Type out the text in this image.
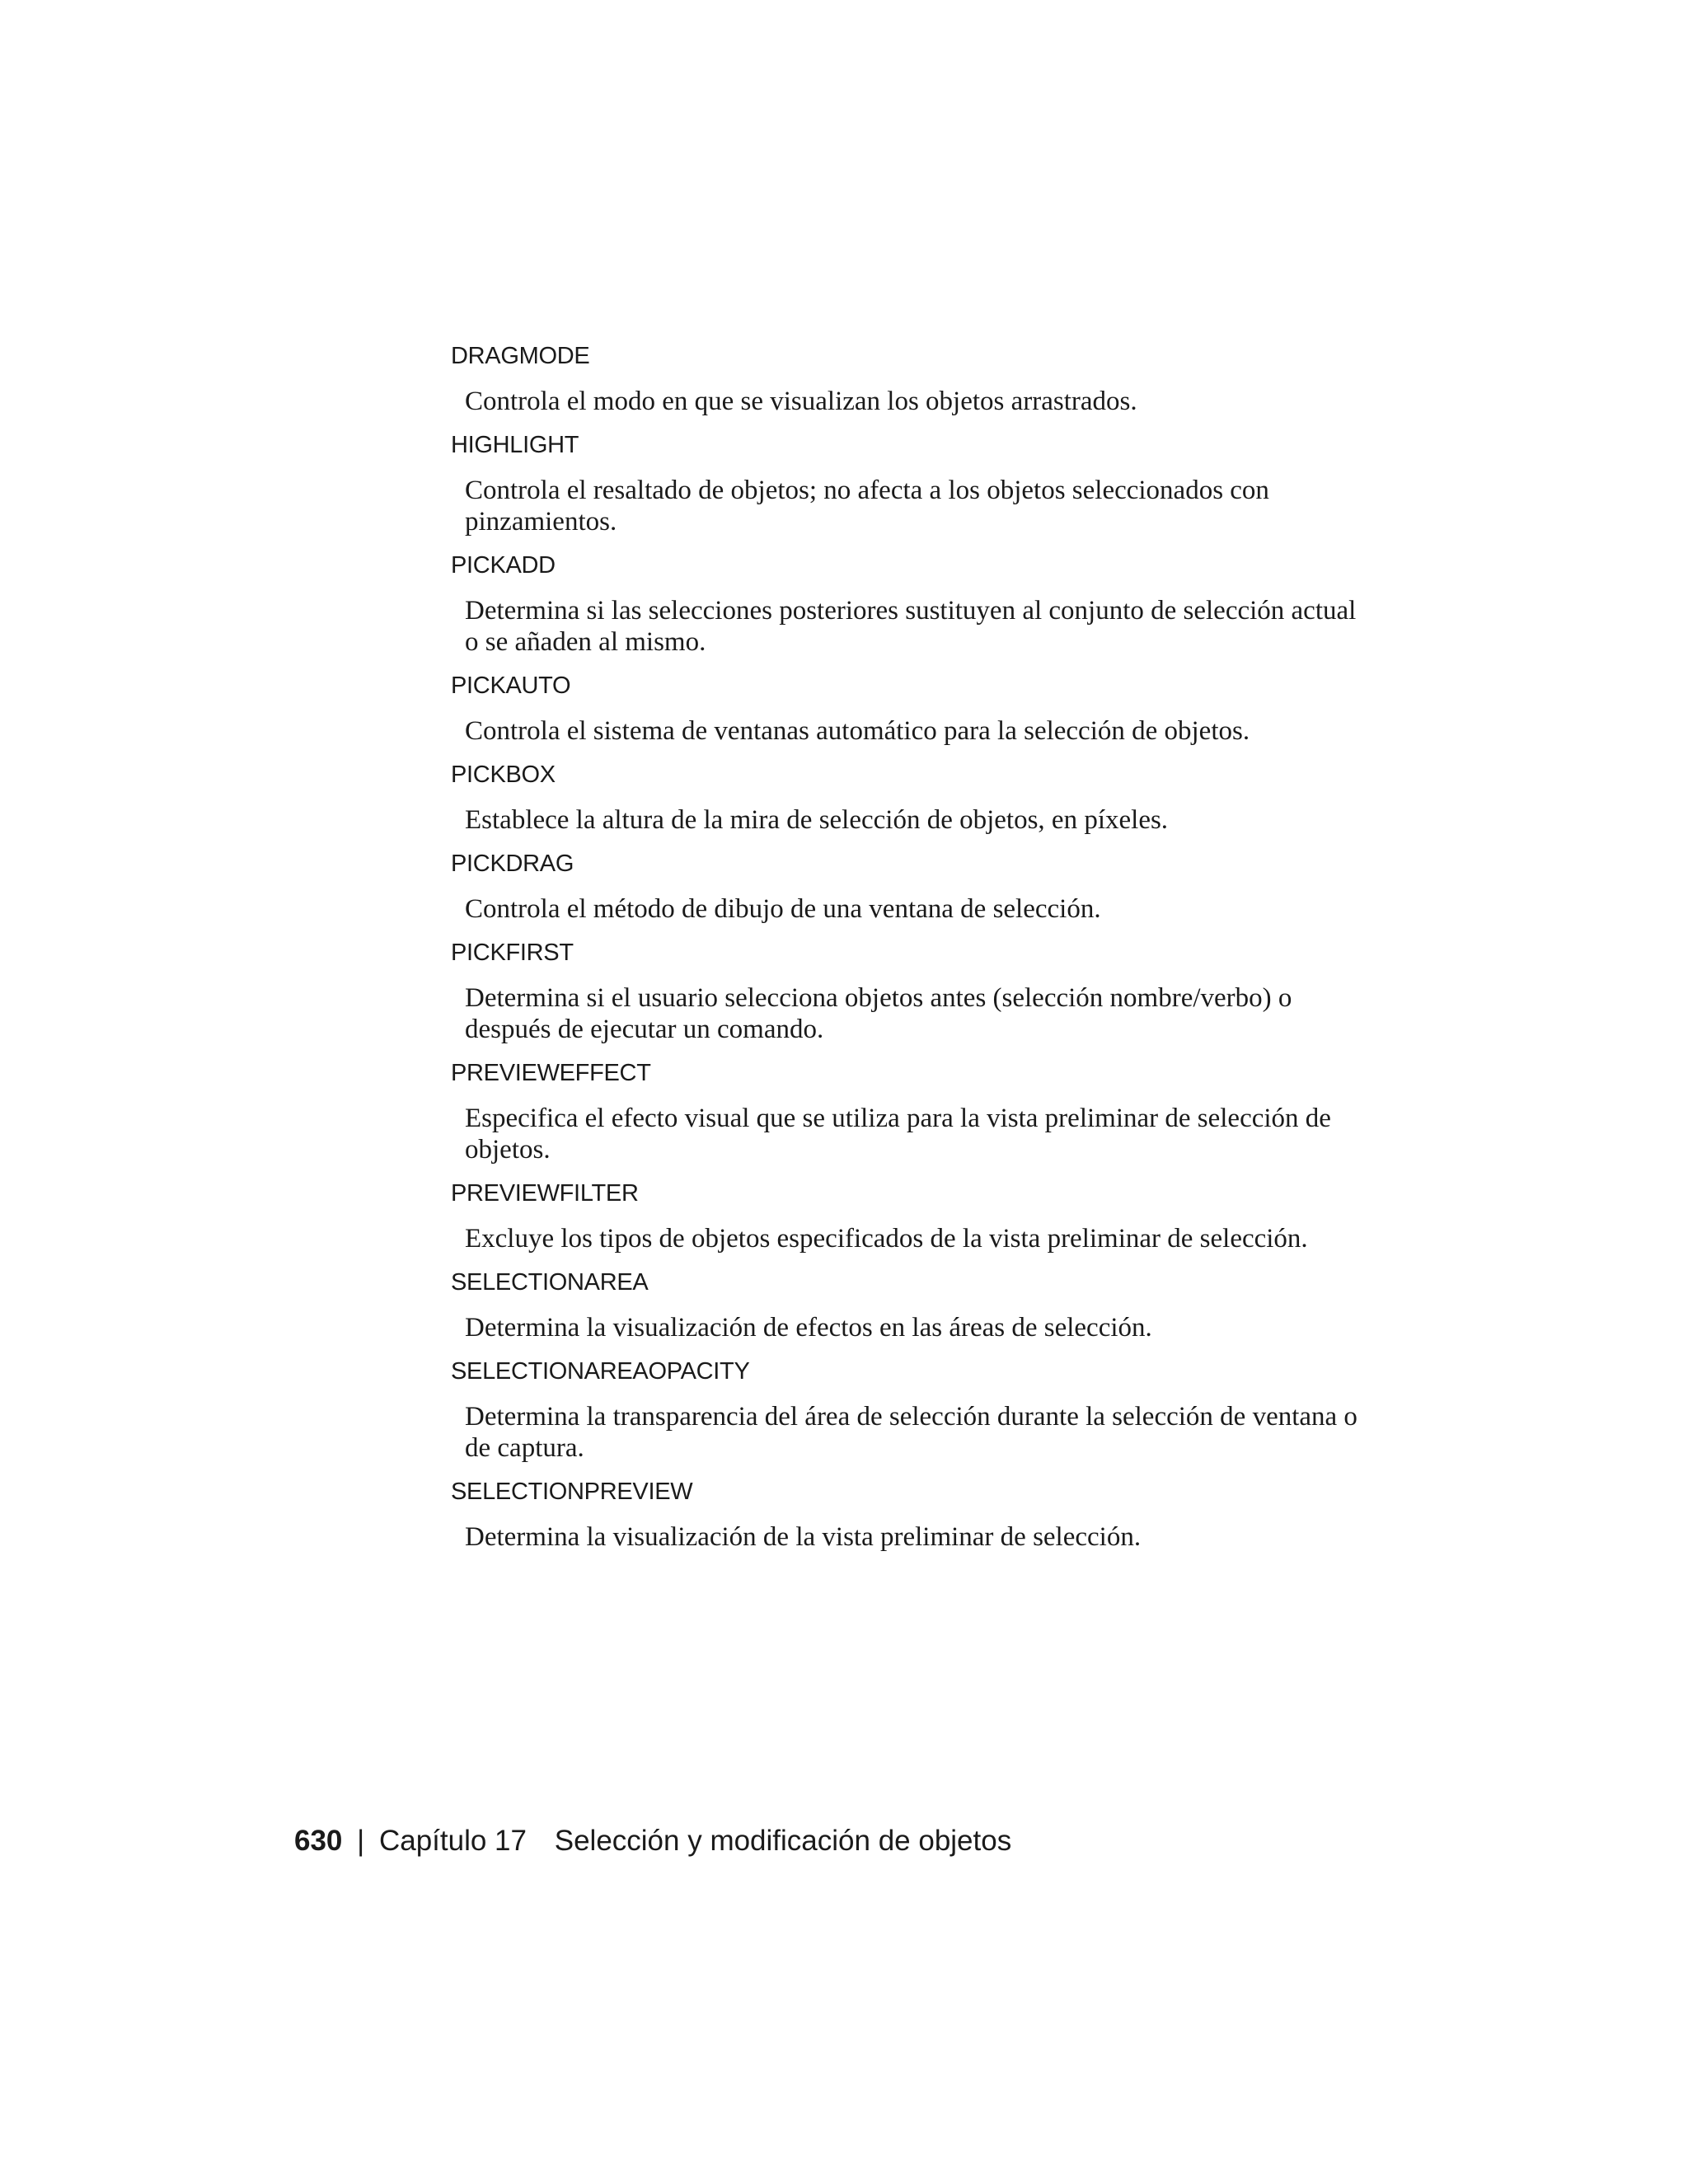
DRAGMODE

Controla el modo en que se visualizan los objetos arrastrados.

HIGHLIGHT

Controla el resaltado de objetos; no afecta a los objetos seleccionados con pinzamientos.

PICKADD

Determina si las selecciones posteriores sustituyen al conjunto de selección actual o se añaden al mismo.

PICKAUTO

Controla el sistema de ventanas automático para la selección de objetos.

PICKBOX

Establece la altura de la mira de selección de objetos, en píxeles.

PICKDRAG

Controla el método de dibujo de una ventana de selección.

PICKFIRST

Determina si el usuario selecciona objetos antes (selección nombre/verbo) o después de ejecutar un comando.

PREVIEWEFFECT

Especifica el efecto visual que se utiliza para la vista preliminar de selección de objetos.

PREVIEWFILTER

Excluye los tipos de objetos especificados de la vista preliminar de selección.

SELECTIONAREA

Determina la visualización de efectos en las áreas de selección.

SELECTIONAREAOPACITY

Determina la transparencia del área de selección durante la selección de ventana o de captura.

SELECTIONPREVIEW

Determina la visualización de la vista preliminar de selección.

630 | Capítulo 17 Selección y modificación de objetos
